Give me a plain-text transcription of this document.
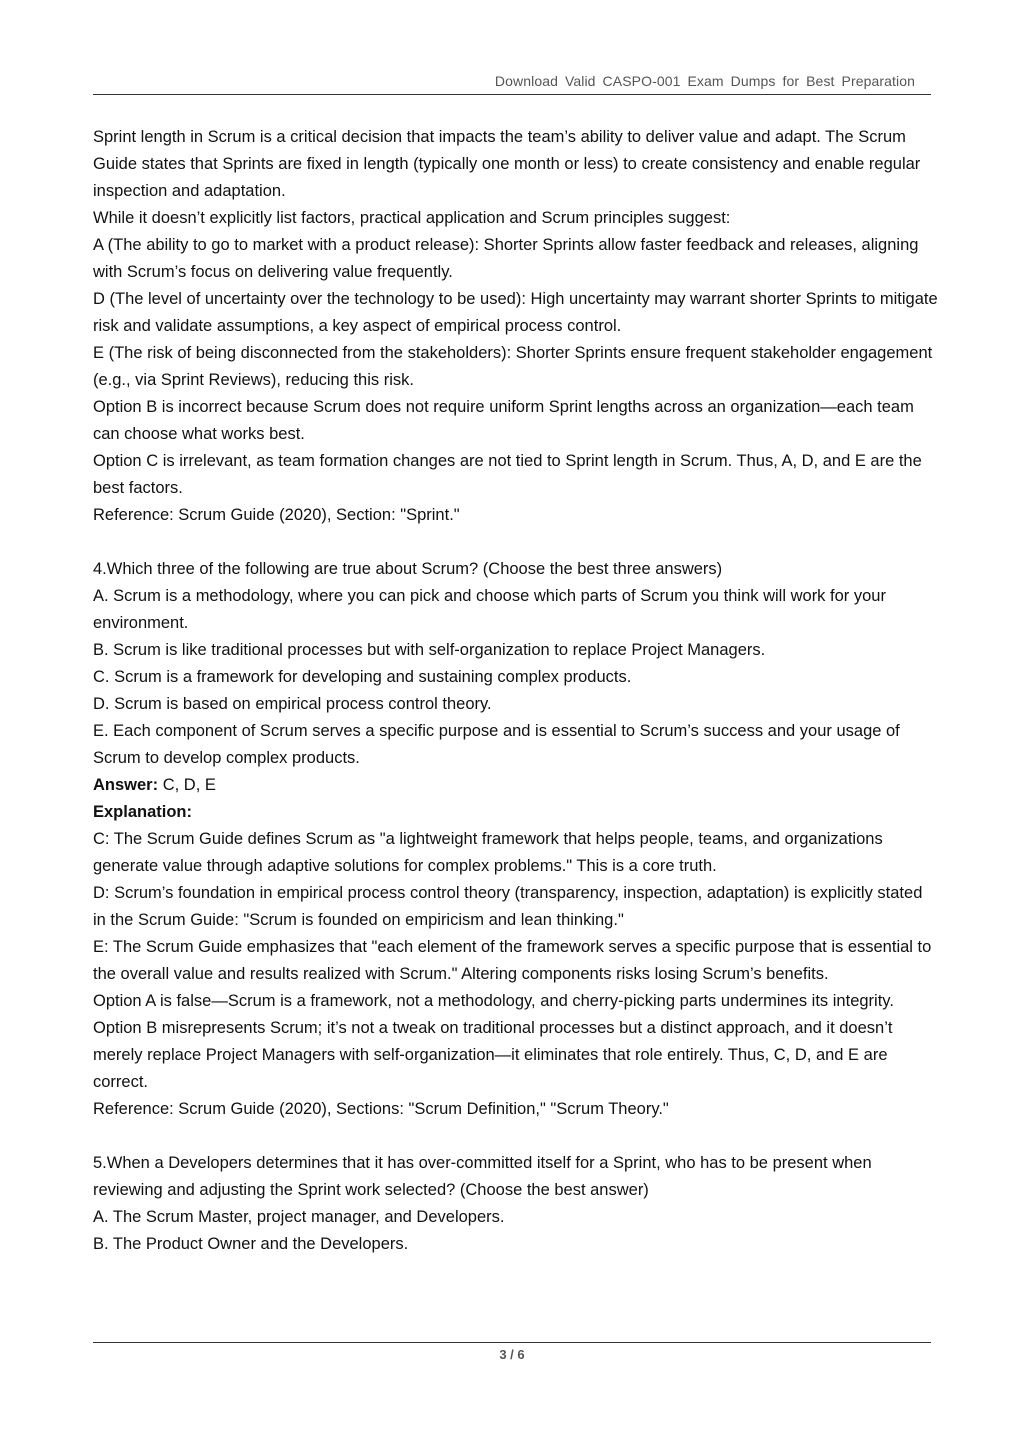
Download Valid CASPO-001 Exam Dumps for Best Preparation

Sprint length in Scrum is a critical decision that impacts the team’s ability to deliver value and adapt. The Scrum Guide states that Sprints are fixed in length (typically one month or less) to create consistency and enable regular inspection and adaptation.

While it doesn’t explicitly list factors, practical application and Scrum principles suggest:

A (The ability to go to market with a product release): Shorter Sprints allow faster feedback and releases, aligning with Scrum’s focus on delivering value frequently.

D (The level of uncertainty over the technology to be used): High uncertainty may warrant shorter Sprints to mitigate risk and validate assumptions, a key aspect of empirical process control.

E (The risk of being disconnected from the stakeholders): Shorter Sprints ensure frequent stakeholder engagement (e.g., via Sprint Reviews), reducing this risk.

Option B is incorrect because Scrum does not require uniform Sprint lengths across an organization—each team can choose what works best.

Option C is irrelevant, as team formation changes are not tied to Sprint length in Scrum. Thus, A, D, and E are the best factors.

Reference: Scrum Guide (2020), Section: "Sprint."

4.Which three of the following are true about Scrum? (Choose the best three answers)

A. Scrum is a methodology, where you can pick and choose which parts of Scrum you think will work for your environment.

B. Scrum is like traditional processes but with self-organization to replace Project Managers.

C. Scrum is a framework for developing and sustaining complex products.

D. Scrum is based on empirical process control theory.

E. Each component of Scrum serves a specific purpose and is essential to Scrum’s success and your usage of Scrum to develop complex products.

Answer: C, D, E

Explanation:

C: The Scrum Guide defines Scrum as "a lightweight framework that helps people, teams, and organizations generate value through adaptive solutions for complex problems." This is a core truth.

D: Scrum’s foundation in empirical process control theory (transparency, inspection, adaptation) is explicitly stated in the Scrum Guide: "Scrum is founded on empiricism and lean thinking."

E: The Scrum Guide emphasizes that "each element of the framework serves a specific purpose that is essential to the overall value and results realized with Scrum." Altering components risks losing Scrum’s benefits.

Option A is false—Scrum is a framework, not a methodology, and cherry-picking parts undermines its integrity.

Option B misrepresents Scrum; it’s not a tweak on traditional processes but a distinct approach, and it doesn’t merely replace Project Managers with self-organization—it eliminates that role entirely. Thus, C, D, and E are correct.

Reference: Scrum Guide (2020), Sections: "Scrum Definition," "Scrum Theory."

5.When a Developers determines that it has over-committed itself for a Sprint, who has to be present when reviewing and adjusting the Sprint work selected? (Choose the best answer)

A. The Scrum Master, project manager, and Developers.

B. The Product Owner and the Developers.

3 / 6
